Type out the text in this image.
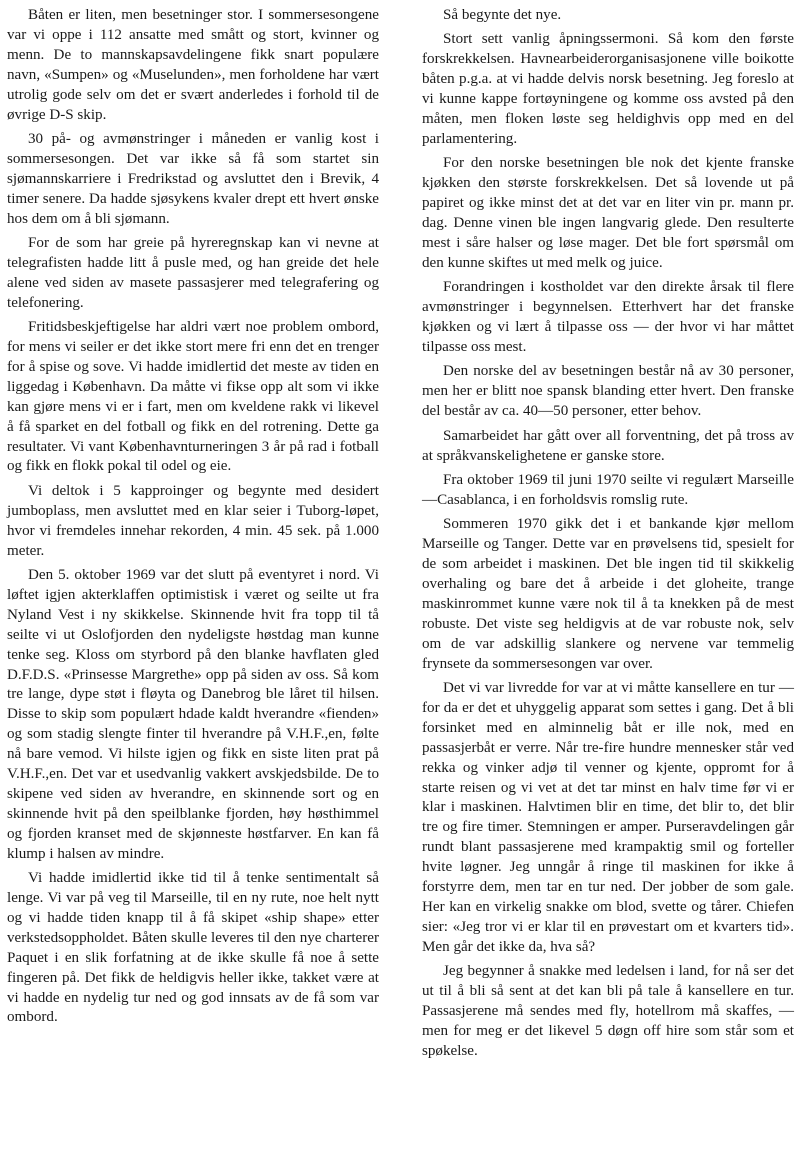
Båten er liten, men besetninger stor. I sommersesongene var vi oppe i 112 ansatte med smått og stort, kvinner og menn. De to mannskapsavdelingene fikk snart populære navn, «Sumpen» og «Muselunden», men forholdene har vært utrolig gode selv om det er svært anderledes i forhold til de øvrige D-S skip.

30 på- og avmønstringer i måneden er vanlig kost i sommersesongen. Det var ikke så få som startet sin sjømannskarriere i Fredrikstad og avsluttet den i Brevik, 4 timer senere. Da hadde sjøsykens kvaler drept ett hvert ønske hos dem om å bli sjømann.

For de som har greie på hyreregnskap kan vi nevne at telegrafisten hadde litt å pusle med, og han greide det hele alene ved siden av masete passasjerer med telegrafering og telefonering.

Fritidsbeskjeftigelse har aldri vært noe problem ombord, for mens vi seiler er det ikke stort mere fri enn det en trenger for å spise og sove. Vi hadde imidlertid det meste av tiden en liggedag i København. Da måtte vi fikse opp alt som vi ikke kan gjøre mens vi er i fart, men om kveldene rakk vi likevel å få sparket en del fotball og fikk en del rotrening. Dette ga resultater. Vi vant Københavnturneringen 3 år på rad i fotball og fikk en flokk pokal til odel og eie.

Vi deltok i 5 kapproinger og begynte med desidert jumboplass, men avsluttet med en klar seier i Tuborg-løpet, hvor vi fremdeles innehar rekorden, 4 min. 45 sek. på 1.000 meter.

Den 5. oktober 1969 var det slutt på eventyret i nord. Vi løftet igjen akterklaffen optimistisk i været og seilte ut fra Nyland Vest i ny skikkelse. Skinnende hvit fra topp til tå seilte vi ut Oslofjorden den nydeligste høstdag man kunne tenke seg. Kloss om styrbord på den blanke havflaten gled D.F.D.S. «Prinsesse Margrethe» opp på siden av oss. Så kom tre lange, dype støt i fløyta og Danebrog ble låret til hilsen. Disse to skip som populært hdade kaldt hverandre «fienden» og som stadig slengte finter til hverandre på V.H.F.,en, følte nå bare vemod. Vi hilste igjen og fikk en siste liten prat på V.H.F.,en. Det var et usedvanlig vakkert avskjedsbilde. De to skipene ved siden av hverandre, en skinnende sort og en skinnende hvit på den speilblanke fjorden, høy høsthimmel og fjorden kranset med de skjønneste høstfarver. En kan få klump i halsen av mindre.

Vi hadde imidlertid ikke tid til å tenke sentimentalt så lenge. Vi var på veg til Marseille, til en ny rute, noe helt nytt og vi hadde tiden knapp til å få skipet «ship shape» etter verkstedsoppholdet. Båten skulle leveres til den nye charterer Paquet i en slik forfatning at de ikke skulle få noe å sette fingeren på. Det fikk de heldigvis heller ikke, takket være at vi hadde en nydelig tur ned og god innsats av de få som var ombord.

Så begynte det nye.

Stort sett vanlig åpningssermoni. Så kom den første forskrekkelsen. Havnearbeiderorganisasjonene ville boikotte båten p.g.a. at vi hadde delvis norsk besetning. Jeg foreslo at vi kunne kappe fortøyningene og komme oss avsted på den måten, men floken løste seg heldighvis opp med en del parlamentering.

For den norske besetningen ble nok det kjente franske kjøkken den største forskrekkelsen. Det så lovende ut på papiret og ikke minst det at det var en liter vin pr. mann pr. dag. Denne vinen ble ingen langvarig glede. Den resulterte mest i såre halser og løse mager. Det ble fort spørsmål om den kunne skiftes ut med melk og juice.

Forandringen i kostholdet var den direkte årsak til flere avmønstringer i begynnelsen. Etterhvert har det franske kjøkken og vi lært å tilpasse oss — der hvor vi har måttet tilpasse oss mest.

Den norske del av besetningen består nå av 30 personer, men her er blitt noe spansk blanding etter hvert. Den franske del består av ca. 40—50 personer, etter behov.

Samarbeidet har gått over all forventning, det på tross av at språkvanskelighetene er ganske store.

Fra oktober 1969 til juni 1970 seilte vi regulært Marseille—Casablanca, i en forholdsvis romslig rute.

Sommeren 1970 gikk det i et bankande kjør mellom Marseille og Tanger. Dette var en prøvelsens tid, spesielt for de som arbeidet i maskinen. Det ble ingen tid til skikkelig overhaling og bare det å arbeide i det gloheite, trange maskinrommet kunne være nok til å ta knekken på de mest robuste. Det viste seg heldigvis at de var robuste nok, selv om de var adskillig slankere og nervene var temmelig frynsete da sommersesongen var over.

Det vi var livredde for var at vi måtte kansellere en tur — for da er det et uhyggelig apparat som settes i gang. Det å bli forsinket med en alminnelig båt er ille nok, med en passasjerbåt er verre. Når tre-fire hundre mennesker står ved rekka og vinker adjø til venner og kjente, oppromt for å starte reisen og vi vet at det tar minst en halv time før vi er klar i maskinen. Halvtimen blir en time, det blir to, det blir tre og fire timer. Stemningen er amper. Purseravdelingen går rundt blant passasjerene med krampaktig smil og forteller hvite løgner. Jeg unngår å ringe til maskinen for ikke å forstyrre dem, men tar en tur ned. Der jobber de som gale. Her kan en virkelig snakke om blod, svette og tårer. Chiefen sier: «Jeg tror vi er klar til en prøvestart om et kvarters tid». Men går det ikke da, hva så?

Jeg begynner å snakke med ledelsen i land, for nå ser det ut til å bli så sent at det kan bli på tale å kansellere en tur. Passasjerene må sendes med fly, hotellrom må skaffes, — men for meg er det likevel 5 døgn off hire som står som et spøkelse.
